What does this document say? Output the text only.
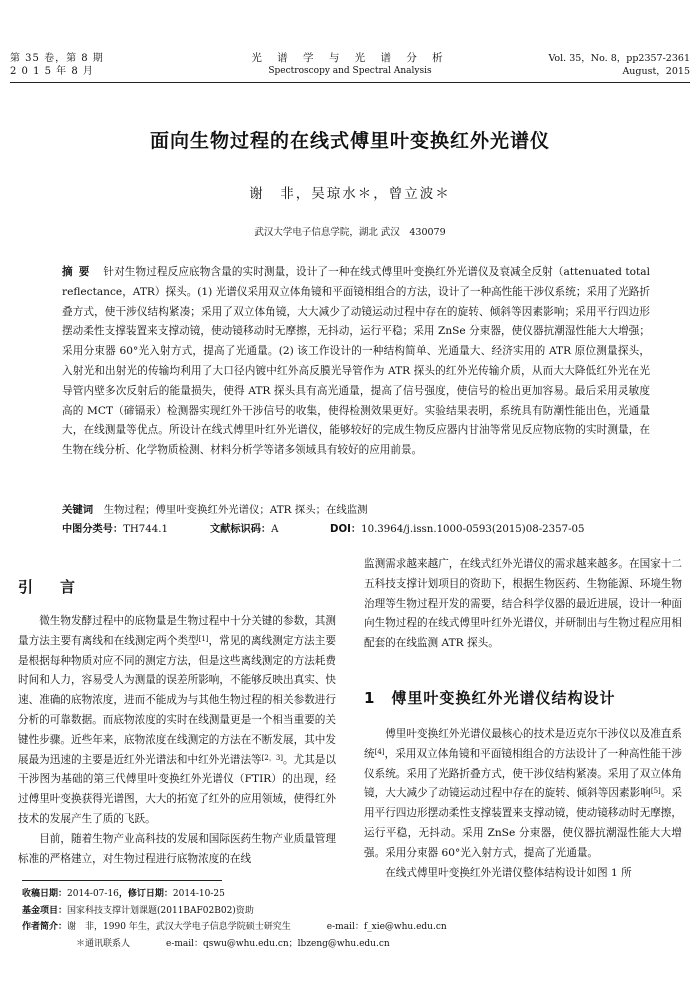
第 35 卷，第 8 期
2 0 1 5 年 8 月
光 谱 学 与 光 谱 分 析
Spectroscopy and Spectral Analysis
Vol. 35，No. 8，pp2357-2361
August，2015
面向生物过程的在线式傅里叶变换红外光谱仪
谢　非，吴琼水＊，曾立波＊
武汉大学电子信息学院，湖北 武汉　430079
摘要 针对生物过程反应底物含量的实时测量，设计了一种在线式傅里叶变换红外光谱仪及衰减全反射（attenuated total reflectance，ATR）探头。(1) 光谱仪采用双立体角镜和平面镜相组合的方法，设计了一种高性能干涉仪系统；采用了光路折叠方式，使干涉仪结构紧凑；采用了双立体角镜，大大减少了动镜运动过程中存在的旋转、倾斜等因素影响；采用平行四边形摆动柔性支撑装置来支撑动镜，使动镜移动时无摩擦，无抖动，运行平稳；采用 ZnSe 分束器，使仪器抗潮湿性能大大增强；采用分束器 60°光入射方式，提高了光通量。(2) 该工作设计的一种结构简单、光通量大、经济实用的 ATR 原位测量探头，入射光和出射光的传输均利用了大口径内镀中红外高反膜光导管作为 ATR 探头的红外光传输介质，从而大大降低红外光在光导管内壁多次反射后的能量损失，使得 ATR 探头具有高光通量，提高了信号强度，使信号的检出更加容易。最后采用灵敏度高的 MCT（碲镉汞）检测器实现红外干涉信号的收集，使得检测效果更好。实验结果表明，系统具有防潮性能出色，光通量大，在线测量等优点。所设计在线式傅里叶红外光谱仪，能够较好的完成生物反应器内甘油等常见反应物底物的实时测量，在生物在线分析、化学物质检测、材料分析学等诸多领域具有较好的应用前景。
关键词　 生物过程；傅里叶变换红外光谱仪；ATR 探头；在线监测
中图分类号：TH744.1	文献标识码：A	DOI：10.3964/j.issn.1000-0593(2015)08-2357-05
引　言

微生物发酵过程中的底物量是生物过程中十分关键的参数，其测量方法主要有离线和在线测定两个类型[1]，常见的离线测定方法主要是根据每种物质对应不同的测定方法，但是这些离线测定的方法耗费时间和人力，容易受人为测量的误差所影响，不能够反映出真实、快速、准确的底物浓度，进而不能成为与其他生物过程的相关参数进行分析的可靠数据。而底物浓度的实时在线测量更是一个相当重要的关键性步骤。近些年来，底物浓度在线测定的方法在不断发展，其中发展最为迅速的主要是近红外光谱法和中红外光谱法等[2，3]。尤其是以干涉图为基础的第三代傅里叶变换红外光谱仪（FTIR）的出现，经过傅里叶变换获得光谱图，大大的拓宽了红外的应用领域，使得红外技术的发展产生了质的飞跃。

目前，随着生物产业高科技的发展和国际医药生物产业质量管理标准的严格建立，对生物过程进行底物浓度的在线

监测需求越来越广，在线式红外光谱仪的需求越来越多。在国家十二五科技支撑计划项目的资助下，根据生物医药、生物能源、环境生物治理等生物过程开发的需要，结合科学仪器的最近进展，设计一种面向生物过程的在线式傅里叶红外光谱仪，并研制出与生物过程应用相配套的在线监测 ATR 探头。

1　傅里叶变换红外光谱仪结构设计

傅里叶变换红外光谱仪最核心的技术是迈克尔干涉仪以及准直系统[4]，采用双立体角镜和平面镜相组合的方法设计了一种高性能干涉仪系统。采用了光路折叠方式，使干涉仪结构紧凑。采用了双立体角镜，大大减少了动镜运动过程中存在的旋转、倾斜等因素影响[5]。采用平行四边形摆动柔性支撑装置来支撑动镜，使动镜移动时无摩擦，运行平稳，无抖动。采用 ZnSe 分束器，使仪器抗潮湿性能大大增强。采用分束器 60°光入射方式，提高了光通量。

在线式傅里叶变换红外光谱仪整体结构设计如图 1 所

收稿日期：2014-07-16，修订日期：2014-10-25
基金项目：国家科技支撑计划课题(2011BAF02B02)资助
作者简介：谢　非，1990 年生，武汉大学电子信息学院硕士研究生	e-mail：f_xie@whu.edu.cn
＊通讯联系人	e-mail：qswu@whu.edu.cn；lbzeng@whu.edu.cn
